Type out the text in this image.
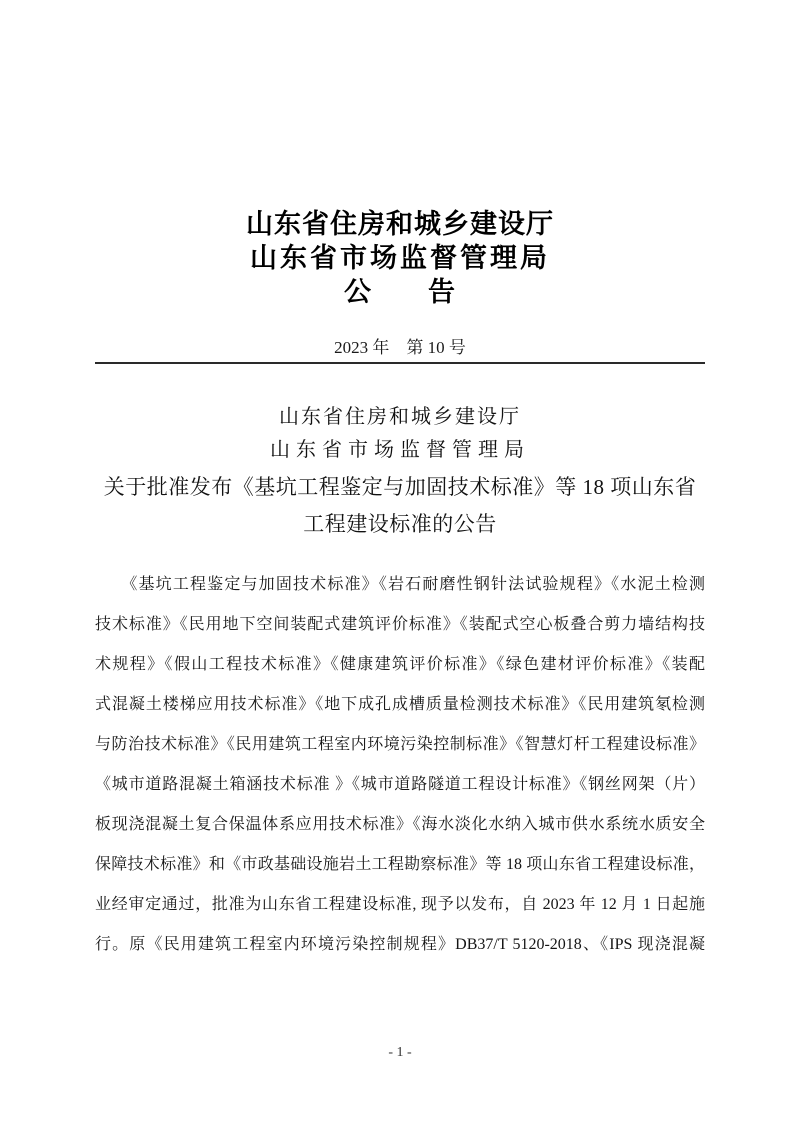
山东省住房和城乡建设厅
山东省市场监督管理局
公　　告
2023 年　第 10 号
山东省住房和城乡建设厅
山东省市场监督管理局
关于批准发布《基坑工程鉴定与加固技术标准》等 18 项山东省
工程建设标准的公告
　　《基坑工程鉴定与加固技术标准》《岩石耐磨性钢针法试验规程》《水泥土检测
技术标准》《民用地下空间装配式建筑评价标准》《装配式空心板叠合剪力墙结构技
术规程》《假山工程技术标准》《健康建筑评价标准》《绿色建材评价标准》《装配
式混凝土楼梯应用技术标准》《地下成孔成槽质量检测技术标准》《民用建筑氡检测
与防治技术标准》《民用建筑工程室内环境污染控制标准》《智慧灯杆工程建设标准》
《城市道路混凝土箱涵技术标准 》《城市道路隧道工程设计标准》《钢丝网架（片）
板现浇混凝土复合保温体系应用技术标准》《海水淡化水纳入城市供水系统水质安全
保障技术标准》和《市政基础设施岩土工程勘察标准》等 18 项山东省工程建设标准，
业经审定通过，批准为山东省工程建设标准, 现予以发布，自 2023 年 12 月 1 日起施
行。原《民用建筑工程室内环境污染控制规程》DB37/T 5120-2018、《IPS 现浇混凝
- 1 -
